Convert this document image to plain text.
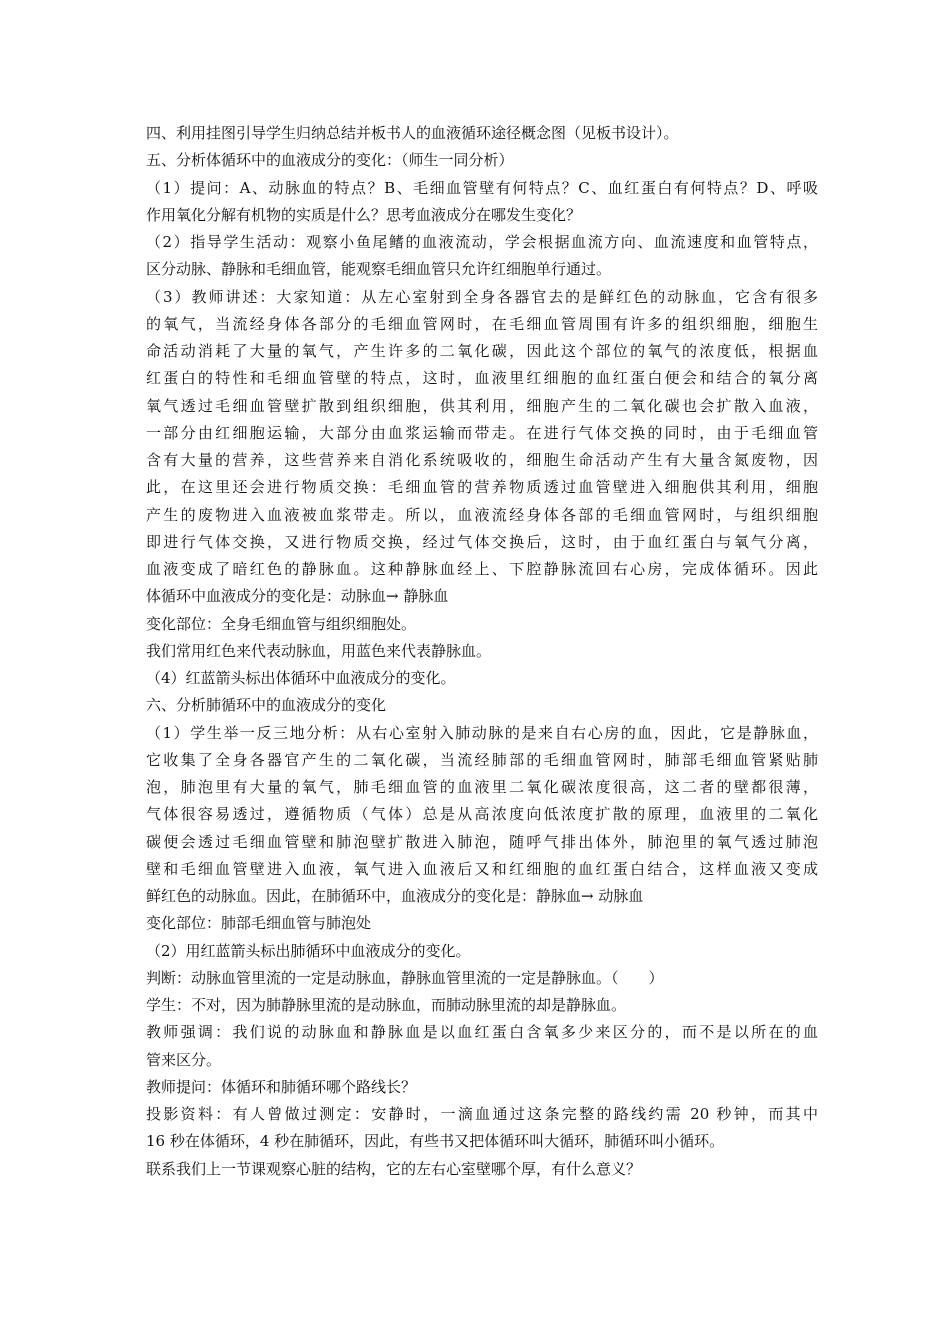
四、利用挂图引导学生归纳总结并板书人的血液循环途径概念图（见板书设计）。
五、分析体循环中的血液成分的变化：（师生一同分析）
（1）提问：A、动脉血的特点？B、毛细血管壁有何特点？C、血红蛋白有何特点？D、呼吸
作用氧化分解有机物的实质是什么？思考血液成分在哪发生变化？
（2）指导学生活动：观察小鱼尾鳍的血液流动，学会根据血流方向、血流速度和血管特点，
区分动脉、静脉和毛细血管，能观察毛细血管只允许红细胞单行通过。
（3）教师讲述：大家知道：从左心室射到全身各器官去的是鲜红色的动脉血，它含有很多
的氧气，当流经身体各部分的毛细血管网时，在毛细血管周围有许多的组织细胞，细胞生
命活动消耗了大量的氧气，产生许多的二氧化碳，因此这个部位的氧气的浓度低，根据血
红蛋白的特性和毛细血管壁的特点，这时，血液里红细胞的血红蛋白便会和结合的氧分离
氧气透过毛细血管壁扩散到组织细胞，供其利用，细胞产生的二氧化碳也会扩散入血液，
一部分由红细胞运输，大部分由血浆运输而带走。在进行气体交换的同时，由于毛细血管
含有大量的营养，这些营养来自消化系统吸收的，细胞生命活动产生有大量含氮废物，因
此，在这里还会进行物质交换：毛细血管的营养物质透过血管壁进入细胞供其利用，细胞
产生的废物进入血液被血浆带走。所以，血液流经身体各部的毛细血管网时，与组织细胞
即进行气体交换，又进行物质交换，经过气体交换后，这时，由于血红蛋白与氧气分离，
血液变成了暗红色的静脉血。这种静脉血经上、下腔静脉流回右心房，完成体循环。因此
体循环中血液成分的变化是：动脉血→ 静脉血
变化部位：全身毛细血管与组织细胞处。
我们常用红色来代表动脉血，用蓝色来代表静脉血。
（4）红蓝箭头标出体循环中血液成分的变化。
六、分析肺循环中的血液成分的变化
（1）学生举一反三地分析：从右心室射入肺动脉的是来自右心房的血，因此，它是静脉血，
它收集了全身各器官产生的二氧化碳，当流经肺部的毛细血管网时，肺部毛细血管紧贴肺
泡，肺泡里有大量的氧气，肺毛细血管的血液里二氧化碳浓度很高，这二者的壁都很薄，
气体很容易透过，遵循物质（气体）总是从高浓度向低浓度扩散的原理，血液里的二氧化
碳便会透过毛细血管壁和肺泡壁扩散进入肺泡，随呼气排出体外，肺泡里的氧气透过肺泡
壁和毛细血管壁进入血液，氧气进入血液后又和红细胞的血红蛋白结合，这样血液又变成
鲜红色的动脉血。因此，在肺循环中，血液成分的变化是：静脉血→ 动脉血
变化部位：肺部毛细血管与肺泡处
（2）用红蓝箭头标出肺循环中血液成分的变化。
判断：动脉血管里流的一定是动脉血，静脉血管里流的一定是静脉血。（　　）
学生：不对，因为肺静脉里流的是动脉血，而肺动脉里流的却是静脉血。
教师强调：我们说的动脉血和静脉血是以血红蛋白含氧多少来区分的，而不是以所在的血
管来区分。
教师提问：体循环和肺循环哪个路线长？
投影资料：有人曾做过测定：安静时，一滴血通过这条完整的路线约需 20 秒钟，而其中
16 秒在体循环，4 秒在肺循环，因此，有些书又把体循环叫大循环，肺循环叫小循环。
联系我们上一节课观察心脏的结构，它的左右心室壁哪个厚，有什么意义？
